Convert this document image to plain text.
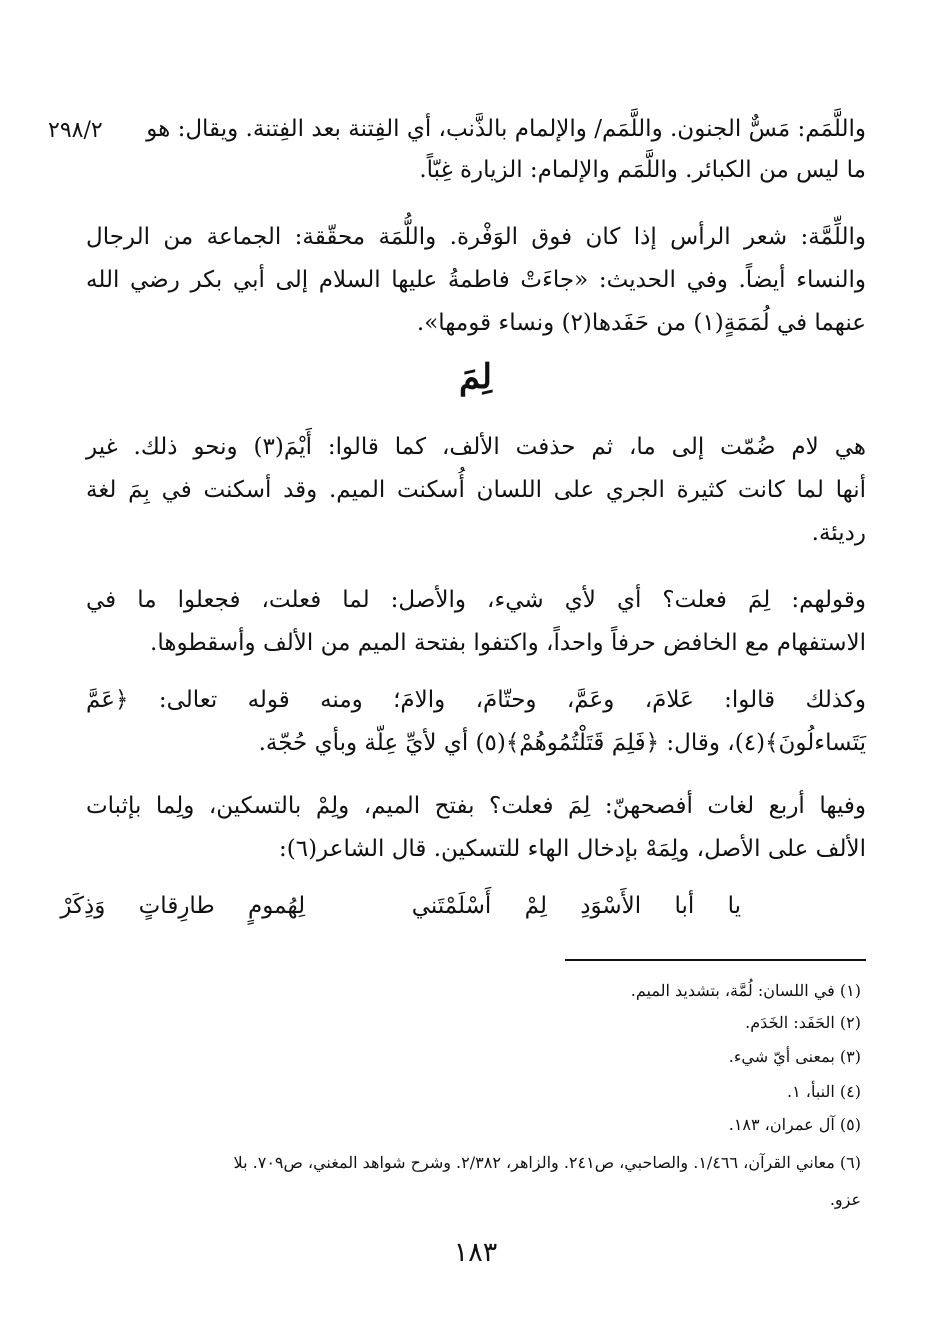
٢٩٨/٢ واللَّمَم: مَسٌّ الجنون. واللَّمَم/ والإلمام بالذَّنب، أي الفِتنة بعد الفِتنة. ويقال: هو

ما ليس من الكبائر. واللَّمَم والإلمام: الزيارة غِبّاً.

واللِّمَّة: شعر الرأس إذا كان فوق الوَفْرة. واللُّمَة محقّقة: الجماعة من الرجال

والنساء أيضاً. وفي الحديث: «جاءَتْ فاطمةُ عليها السلام إلى أبي بكر رضي الله

عنهما في لُمَمَةٍ(١) من حَفَدها(٢) ونساء قومها».

لِمَ

هي لام ضُمّت إلى ما، ثم حذفت الألف، كما قالوا: أَيْمَ(٣) ونحو ذلك. غير

أنها لما كانت كثيرة الجري على اللسان أُسكنت الميم. وقد أسكنت في بِمَ لغة

رديئة.

وقولهم: لِمَ فعلت؟ أي لأي شيء، والأصل: لما فعلت، فجعلوا ما في

الاستفهام مع الخافض حرفاً واحداً، واكتفوا بفتحة الميم من الألف وأسقطوها.

وكذلك قالوا: عَلامَ، وعَمَّ، وحتّامَ، والامَ؛ ومنه قوله تعالى: ﴿عَمَّ

يَتَساءلُونَ﴾(٤)، وقال: ﴿فَلِمَ قَتَلْتُمُوهُمْ﴾(٥) أي لأيِّ عِلّة وبأي حُجّة.

وفيها أربع لغات أفصحهنّ: لِمَ فعلت؟ بفتح الميم، ولِمْ بالتسكين، ولِما بإثبات

الألف على الأصل، ولِمَهْ بإدخال الهاء للتسكين. قال الشاعر(٦):

يا أبا الأَسْوَدِ لِمْ أَسْلَمْتَني  لِهُمومٍ طارِقاتٍ وَذِكَرْ
(١) في اللسان: لُمَّة، بتشديد الميم.
(٢) الحَفَد: الخَدَم.
(٣) بمعنى أيّ شيء.
(٤) النبأ، ١.
(٥) آل عمران، ١٨٣.
(٦) معاني القرآن، ١/٤٦٦. والصاحبي، ص٢٤١. والزاهر، ٢/٣٨٢. وشرح شواهد المغني، ص٧٠٩. بلا
عزو.
١٨٣
